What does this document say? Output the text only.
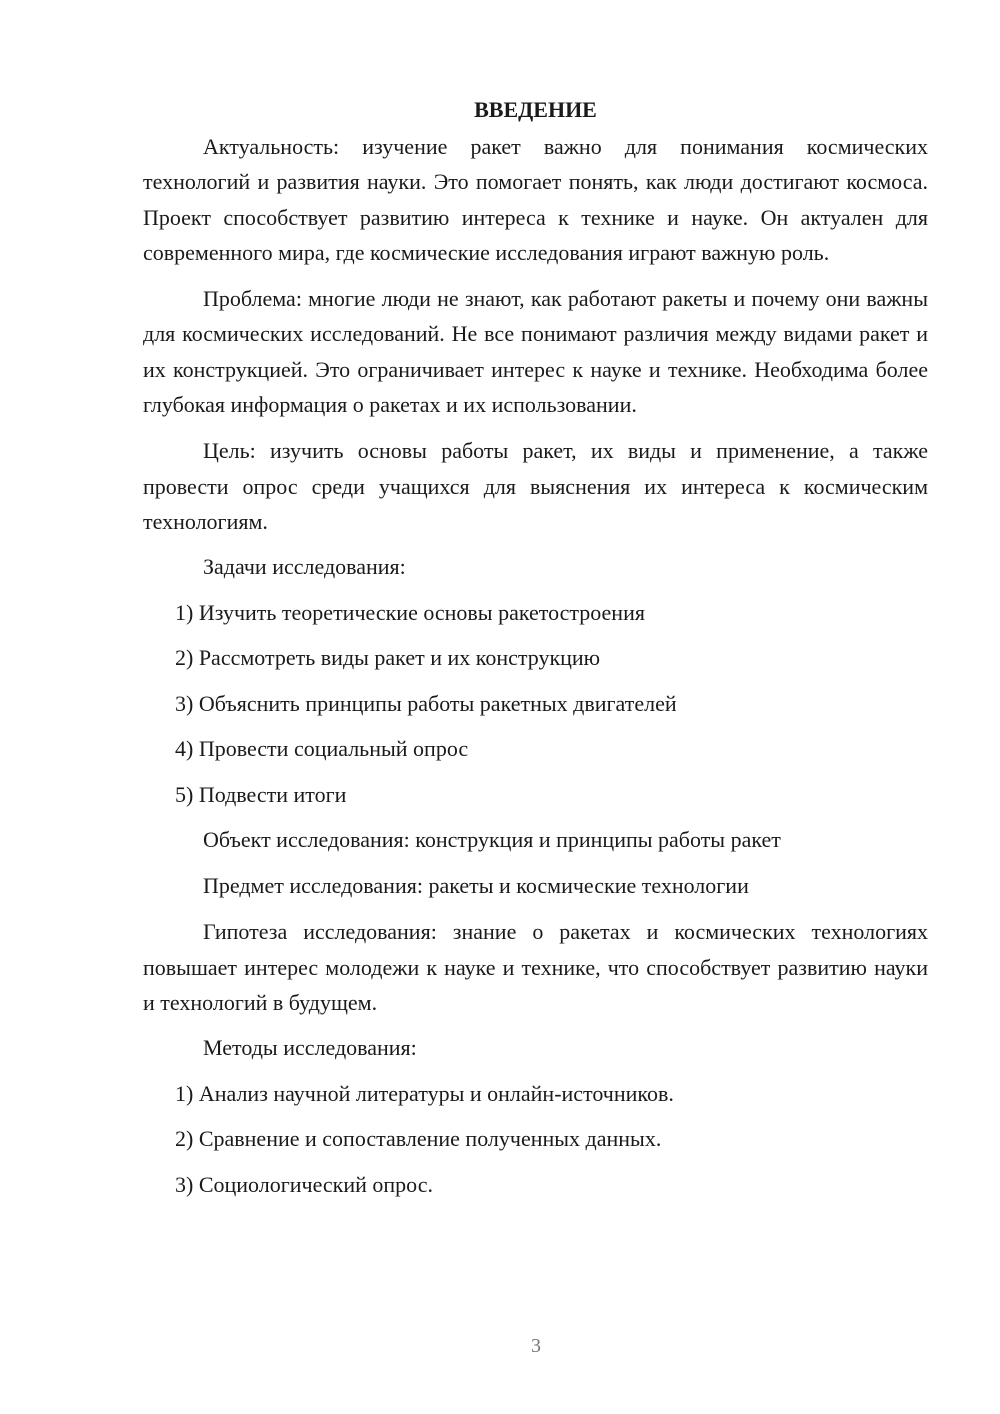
ВВЕДЕНИЕ

Актуальность: изучение ракет важно для понимания космических технологий и развития науки. Это помогает понять, как люди достигают космоса. Проект способствует развитию интереса к технике и науке. Он актуален для современного мира, где космические исследования играют важную роль.

Проблема: многие люди не знают, как работают ракеты и почему они важны для космических исследований. Не все понимают различия между видами ракет и их конструкцией. Это ограничивает интерес к науке и технике. Необходима более глубокая информация о ракетах и их использовании.

Цель: изучить основы работы ракет, их виды и применение, а также провести опрос среди учащихся для выяснения их интереса к космическим технологиям.

Задачи исследования:
1) Изучить теоретические основы ракетостроения
2) Рассмотреть виды ракет и их конструкцию
3) Объяснить принципы работы ракетных двигателей
4) Провести социальный опрос
5) Подвести итоги
Объект исследования: конструкция и принципы работы ракет
Предмет исследования: ракеты и космические технологии

Гипотеза исследования: знание о ракетах и космических технологиях повышает интерес молодежи к науке и технике, что способствует развитию науки и технологий в будущем.

Методы исследования:
1) Анализ научной литературы и онлайн-источников.
2) Сравнение и сопоставление полученных данных.
3) Социологический опрос.
3
